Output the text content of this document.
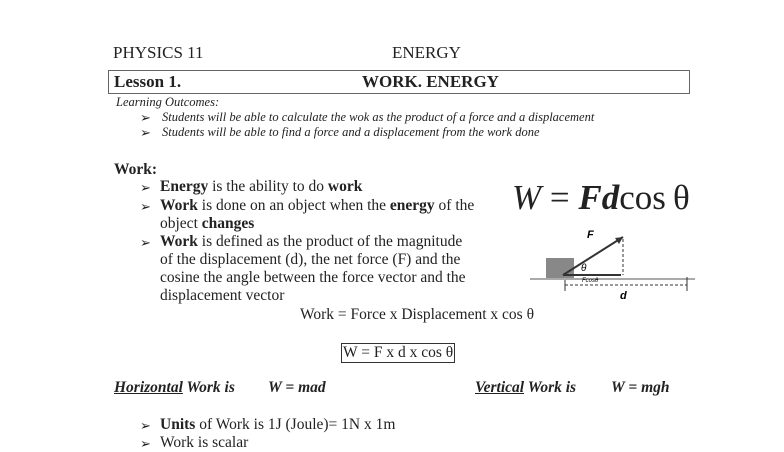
PHYSICS 11	ENERGY
Lesson 1.	WORK. ENERGY
Learning Outcomes:
➢ Students will be able to calculate the wok as the product of a force and a displacement
➢ Students will be able to find a force and a displacement from the work done
Work:
➢ Energy is the ability to do work
➢ Work is done on an object when the energy of the
object changes
➢ Work is defined as the product of the magnitude
of the displacement (d), the net force (F) and the
cosine the angle between the force vector and the
displacement vector
W = Fdcos  θ
F
θ
Fcosθ
d
Work = Force x Displacement x cos θ
W = F x d x cos θ
Horizontal Work is W = mad	Vertical Work is W = mgh
➢ Units of Work is 1J (Joule)= 1N x 1m
➢ Work is scalar
